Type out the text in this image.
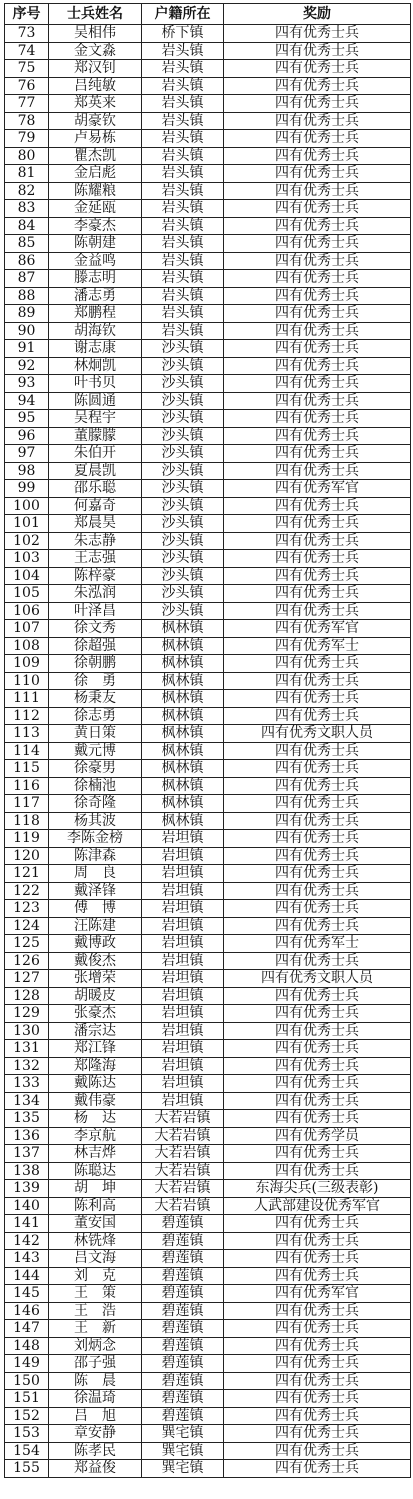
序号	士兵姓名	户籍所在	奖励
73	吴相伟	桥下镇	四有优秀士兵
74	金文淼	岩头镇	四有优秀士兵
75	郑汉钊	岩头镇	四有优秀士兵
76	吕纯敏	岩头镇	四有优秀士兵
77	郑英来	岩头镇	四有优秀士兵
78	胡豪钦	岩头镇	四有优秀士兵
79	卢易栋	岩头镇	四有优秀士兵
80	瞿杰凯	岩头镇	四有优秀士兵
81	金启彪	岩头镇	四有优秀士兵
82	陈耀粮	岩头镇	四有优秀士兵
83	金延瓯	岩头镇	四有优秀士兵
84	李豪杰	岩头镇	四有优秀士兵
85	陈朝建	岩头镇	四有优秀士兵
86	金益鸣	岩头镇	四有优秀士兵
87	滕志明	岩头镇	四有优秀士兵
88	潘志勇	岩头镇	四有优秀士兵
89	郑鹏程	岩头镇	四有优秀士兵
90	胡海钦	岩头镇	四有优秀士兵
91	谢志康	沙头镇	四有优秀士兵
92	林炯凯	沙头镇	四有优秀士兵
93	叶书贝	沙头镇	四有优秀士兵
94	陈圆通	沙头镇	四有优秀士兵
95	吴程宇	沙头镇	四有优秀士兵
96	董朦朦	沙头镇	四有优秀士兵
97	朱伯开	沙头镇	四有优秀士兵
98	夏晨凯	沙头镇	四有优秀士兵
99	邵乐聪	沙头镇	四有优秀军官
100	何嘉奇	沙头镇	四有优秀士兵
101	郑晨昊	沙头镇	四有优秀士兵
102	朱志静	沙头镇	四有优秀士兵
103	王志强	沙头镇	四有优秀士兵
104	陈梓豪	沙头镇	四有优秀士兵
105	朱泓润	沙头镇	四有优秀士兵
106	叶泽昌	沙头镇	四有优秀士兵
107	徐文秀	枫林镇	四有优秀军官
108	徐超强	枫林镇	四有优秀军士
109	徐朝鹏	枫林镇	四有优秀士兵
110	徐　勇	枫林镇	四有优秀士兵
111	杨秉友	枫林镇	四有优秀士兵
112	徐志勇	枫林镇	四有优秀士兵
113	黄日策	枫林镇	四有优秀文职人员
114	戴元博	枫林镇	四有优秀士兵
115	徐豪男	枫林镇	四有优秀士兵
116	徐楠池	枫林镇	四有优秀士兵
117	徐奇隆	枫林镇	四有优秀士兵
118	杨其波	枫林镇	四有优秀士兵
119	李陈金榜	岩坦镇	四有优秀士兵
120	陈津森	岩坦镇	四有优秀士兵
121	周　良	岩坦镇	四有优秀士兵
122	戴泽锋	岩坦镇	四有优秀士兵
123	傅　博	岩坦镇	四有优秀士兵
124	汪陈建	岩坦镇	四有优秀士兵
125	戴博政	岩坦镇	四有优秀军士
126	戴俊杰	岩坦镇	四有优秀士兵
127	张增荣	岩坦镇	四有优秀文职人员
128	胡暖皮	岩坦镇	四有优秀士兵
129	张豪杰	岩坦镇	四有优秀士兵
130	潘宗达	岩坦镇	四有优秀士兵
131	郑江锋	岩坦镇	四有优秀士兵
132	郑隆海	岩坦镇	四有优秀士兵
133	戴陈达	岩坦镇	四有优秀士兵
134	戴伟豪	岩坦镇	四有优秀士兵
135	杨　达	大若岩镇	四有优秀士兵
136	李京航	大若岩镇	四有优秀学员
137	林吉烨	大若岩镇	四有优秀士兵
138	陈聪达	大若岩镇	四有优秀士兵
139	胡　坤	大若岩镇	东海尖兵(三级表彰)
140	陈利高	大若岩镇	人武部建设优秀军官
141	董安国	碧莲镇	四有优秀士兵
142	林铣烽	碧莲镇	四有优秀士兵
143	吕文海	碧莲镇	四有优秀士兵
144	刘　克	碧莲镇	四有优秀士兵
145	王　策	碧莲镇	四有优秀军官
146	王　浩	碧莲镇	四有优秀士兵
147	王　新	碧莲镇	四有优秀士兵
148	刘炳念	碧莲镇	四有优秀士兵
149	邵子强	碧莲镇	四有优秀士兵
150	陈　晨	碧莲镇	四有优秀士兵
151	徐温琦	碧莲镇	四有优秀士兵
152	吕　旭	碧莲镇	四有优秀士兵
153	章安静	巽宅镇	四有优秀士兵
154	陈孝民	巽宅镇	四有优秀士兵
155	郑益俊	巽宅镇	四有优秀士兵
